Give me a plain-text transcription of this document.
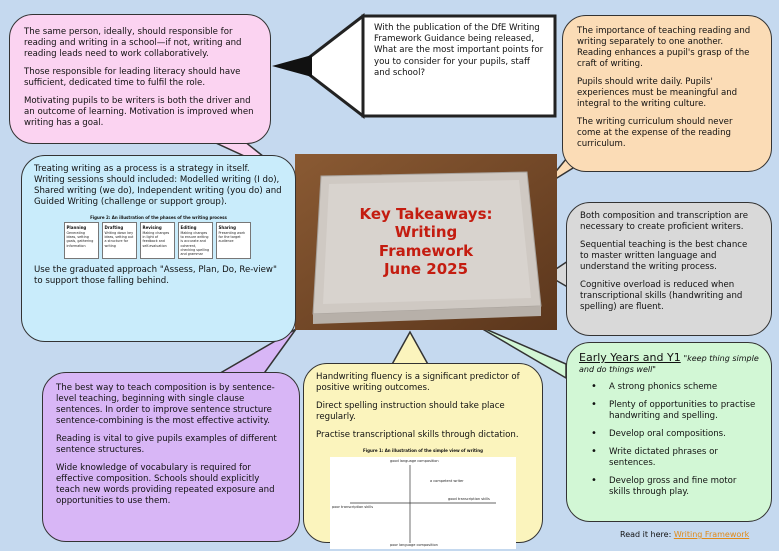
With the publication of the DfE Writing Framework Guidance being released, What are the most important points for you to consider for your pupils, staff and school?
Key Takeaways:
Writing
Framework
June 2025

The same person, ideally, should responsible for reading and writing in a school—if not, writing and reading leads need to work collaboratively.

Those responsible for leading literacy should have sufficient, dedicated time to fulfil the role.

Motivating pupils to be writers is both the driver and an outcome of learning. Motivation is improved when writing has a goal.

The importance of teaching reading and writing separately to one another. Reading enhances a pupil's grasp of the craft of writing.

Pupils should write daily. Pupils' experiences must be meaningful and integral to the writing culture.

The writing curriculum should never come at the expense of the reading curriculum.

Treating writing as a process is a strategy in itself. Writing sessions should included: Modelled writing (I do), Shared writing (we do), Independent writing (you do) and Guided Writing (challenge or support group).

Figure 2: An illustration of the phases of the writing process
Planning
Generating ideas, setting goals, gathering information
Drafting
Writing down key ideas, setting out a structure for writing
Revising
Making changes in light of feedback and self-evaluation
Editing
Making changes to ensure writing is accurate and coherent, checking spelling and grammar
Sharing
Presenting work for the target audience

Use the graduated approach "Assess, Plan, Do, Re-view" to support those falling behind.

Both composition and transcription are necessary to create proficient writers.

Sequential teaching is the best chance to master written language and understand the writing process.

Cognitive overload is reduced when transcriptional skills (handwriting and spelling) are fluent.

The best way to teach composition is by sentence-level teaching, beginning with single clause sentences. In order to improve sentence structure sentence-combining is the most effective activity.

Reading is vital to give pupils examples of different sentence structures.

Wide knowledge of vocabulary is required for effective composition. Schools should explicitly teach new words providing repeated exposure and opportunities to use them.

Handwriting fluency is a significant predictor of positive writing outcomes.

Direct spelling instruction should take place regularly.

Practise transcriptional skills through dictation.

Figure 1: An illustration of the simple view of writing
good language composition
poor language composition
poor transcription skills
good transcription skills
a competent writer
Early Years and Y1 "keep thing simple and do things well"
• A strong phonics scheme
• Plenty of opportunities to practise handwriting and spelling.
• Develop oral compositions.
• Write dictated phrases or sentences.
• Develop gross and fine motor skills through play.
Read it here: Writing Framework
